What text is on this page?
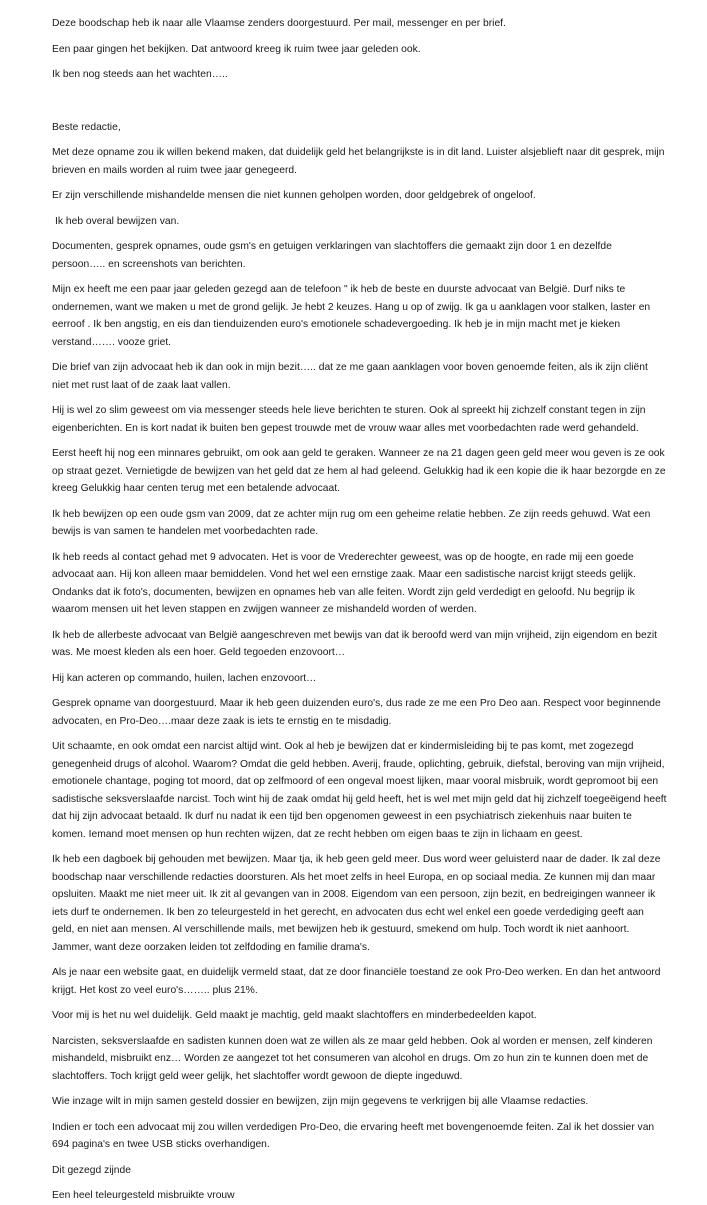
Deze boodschap heb ik naar alle Vlaamse zenders doorgestuurd. Per mail, messenger en per brief.

Een paar gingen het bekijken. Dat antwoord kreeg ik ruim twee jaar geleden ook.

Ik ben nog steeds aan het wachten…..

Beste redactie,

Met deze opname zou ik willen bekend maken, dat duidelijk geld het belangrijkste is in dit land. Luister alsjeblieft naar dit gesprek, mijn brieven en mails worden al ruim twee jaar genegeerd.

Er zijn verschillende mishandelde mensen die niet kunnen geholpen worden, door geldgebrek of ongeloof.

Ik heb overal bewijzen van.

Documenten, gesprek opnames, oude gsm's en getuigen verklaringen van slachtoffers die gemaakt zijn door 1 en dezelfde persoon….. en screenshots van berichten.

Mijn ex heeft me een paar jaar geleden gezegd aan de telefoon " ik heb de beste en duurste advocaat van België. Durf niks te ondernemen, want we maken u met de grond gelijk. Je hebt 2 keuzes. Hang u op of zwijg. Ik ga u aanklagen voor stalken, laster en eerroof . Ik ben angstig, en eis dan tienduizenden euro's emotionele schadevergoeding. Ik heb je in mijn macht met je kieken verstand……. vooze griet.

Die brief van zijn advocaat heb ik dan ook in mijn bezit….. dat ze me gaan aanklagen voor boven genoemde feiten, als ik zijn cliënt niet met rust laat of de zaak laat vallen.

Hij is wel zo slim geweest om via messenger steeds hele lieve berichten te sturen. Ook al spreekt hij zichzelf constant tegen in zijn eigenberichten. En is kort nadat ik buiten ben gepest trouwde met de vrouw waar alles met voorbedachten rade werd gehandeld.

Eerst heeft hij nog een minnares gebruikt, om ook aan geld te geraken. Wanneer ze na 21 dagen geen geld meer wou geven is ze ook op straat gezet. Vernietigde de bewijzen van het geld dat ze hem al had geleend. Gelukkig had ik een kopie die ik haar bezorgde en ze kreeg Gelukkig haar centen terug met een betalende advocaat.

Ik heb bewijzen op een oude gsm van 2009, dat ze achter mijn rug om een geheime relatie hebben. Ze zijn reeds gehuwd. Wat een bewijs is van samen te handelen met voorbedachten rade.

Ik heb reeds al contact gehad met 9 advocaten. Het is voor de Vrederechter geweest, was op de hoogte, en rade mij een goede advocaat aan. Hij kon alleen maar bemiddelen. Vond het wel een ernstige zaak. Maar een sadistische narcist krijgt steeds gelijk. Ondanks dat ik foto's, documenten, bewijzen en opnames heb van alle feiten. Wordt zijn geld verdedigt en geloofd. Nu begrijp ik waarom mensen uit het leven stappen en zwijgen wanneer ze mishandeld worden of werden.

Ik heb de allerbeste advocaat van België aangeschreven met bewijs van dat ik beroofd werd van mijn vrijheid, zijn eigendom en bezit was. Me moest kleden als een hoer. Geld tegoeden enzovoort…

Hij kan acteren op commando, huilen, lachen enzovoort…

Gesprek opname van doorgestuurd. Maar ik heb geen duizenden euro's, dus rade ze me een Pro Deo aan. Respect voor beginnende advocaten, en Pro-Deo….maar deze zaak is iets te ernstig en te misdadig.

Uit schaamte, en ook omdat een narcist altijd wint. Ook al heb je bewijzen dat er kindermisleiding bij te pas komt, met zogezegd genegenheid drugs of alcohol. Waarom? Omdat die geld hebben. Averij, fraude, oplichting, gebruik, diefstal, beroving van mijn vrijheid, emotionele chantage, poging tot moord, dat op zelfmoord of een ongeval moest lijken, maar vooral misbruik, wordt gepromoot bij een sadistische seksverslaafde narcist. Toch wint hij de zaak omdat hij geld heeft, het is wel met mijn geld dat hij zichzelf toegeëigend heeft dat hij zijn advocaat betaald. Ik durf nu nadat ik een tijd ben opgenomen geweest in een psychiatrisch ziekenhuis naar buiten te komen. Iemand moet mensen op hun rechten wijzen, dat ze recht hebben om eigen baas te zijn in lichaam en geest.

Ik heb een dagboek bij gehouden met bewijzen. Maar tja, ik heb geen geld meer. Dus word weer geluisterd naar de dader. Ik zal deze boodschap naar verschillende redacties doorsturen. Als het moet zelfs in heel Europa, en op sociaal media. Ze kunnen mij dan maar opsluiten. Maakt me niet meer uit. Ik zit al gevangen van in 2008. Eigendom van een persoon, zijn bezit, en bedreigingen wanneer ik iets durf te ondernemen. Ik ben zo teleurgesteld in het gerecht, en advocaten dus echt wel enkel een goede verdediging geeft aan geld, en niet aan mensen. Al verschillende mails, met bewijzen heb ik gestuurd, smekend om hulp. Toch wordt ik niet aanhoort. Jammer, want deze oorzaken leiden tot zelfdoding en familie drama's.

Als je naar een website gaat, en duidelijk vermeld staat, dat ze door financiële toestand ze ook Pro-Deo werken. En dan het antwoord krijgt. Het kost zo veel euro's…….. plus 21%.

Voor mij is het nu wel duidelijk. Geld maakt je machtig, geld maakt slachtoffers en minderbedeelden kapot.

Narcisten, seksverslaafde en sadisten kunnen doen wat ze willen als ze maar geld hebben. Ook al worden er mensen, zelf kinderen mishandeld, misbruikt enz… Worden ze aangezet tot het consumeren van alcohol en drugs. Om zo hun zin te kunnen doen met de slachtoffers. Toch krijgt geld weer gelijk, het slachtoffer wordt gewoon de diepte ingeduwd.

Wie inzage wilt in mijn samen gesteld dossier en bewijzen, zijn mijn gegevens te verkrijgen bij alle Vlaamse redacties.

Indien er toch een advocaat mij zou willen verdedigen Pro-Deo, die ervaring heeft met bovengenoemde feiten. Zal ik het dossier van 694 pagina's en twee USB sticks overhandigen.

Dit gezegd zijnde

Een heel teleurgesteld misbruikte vrouw
